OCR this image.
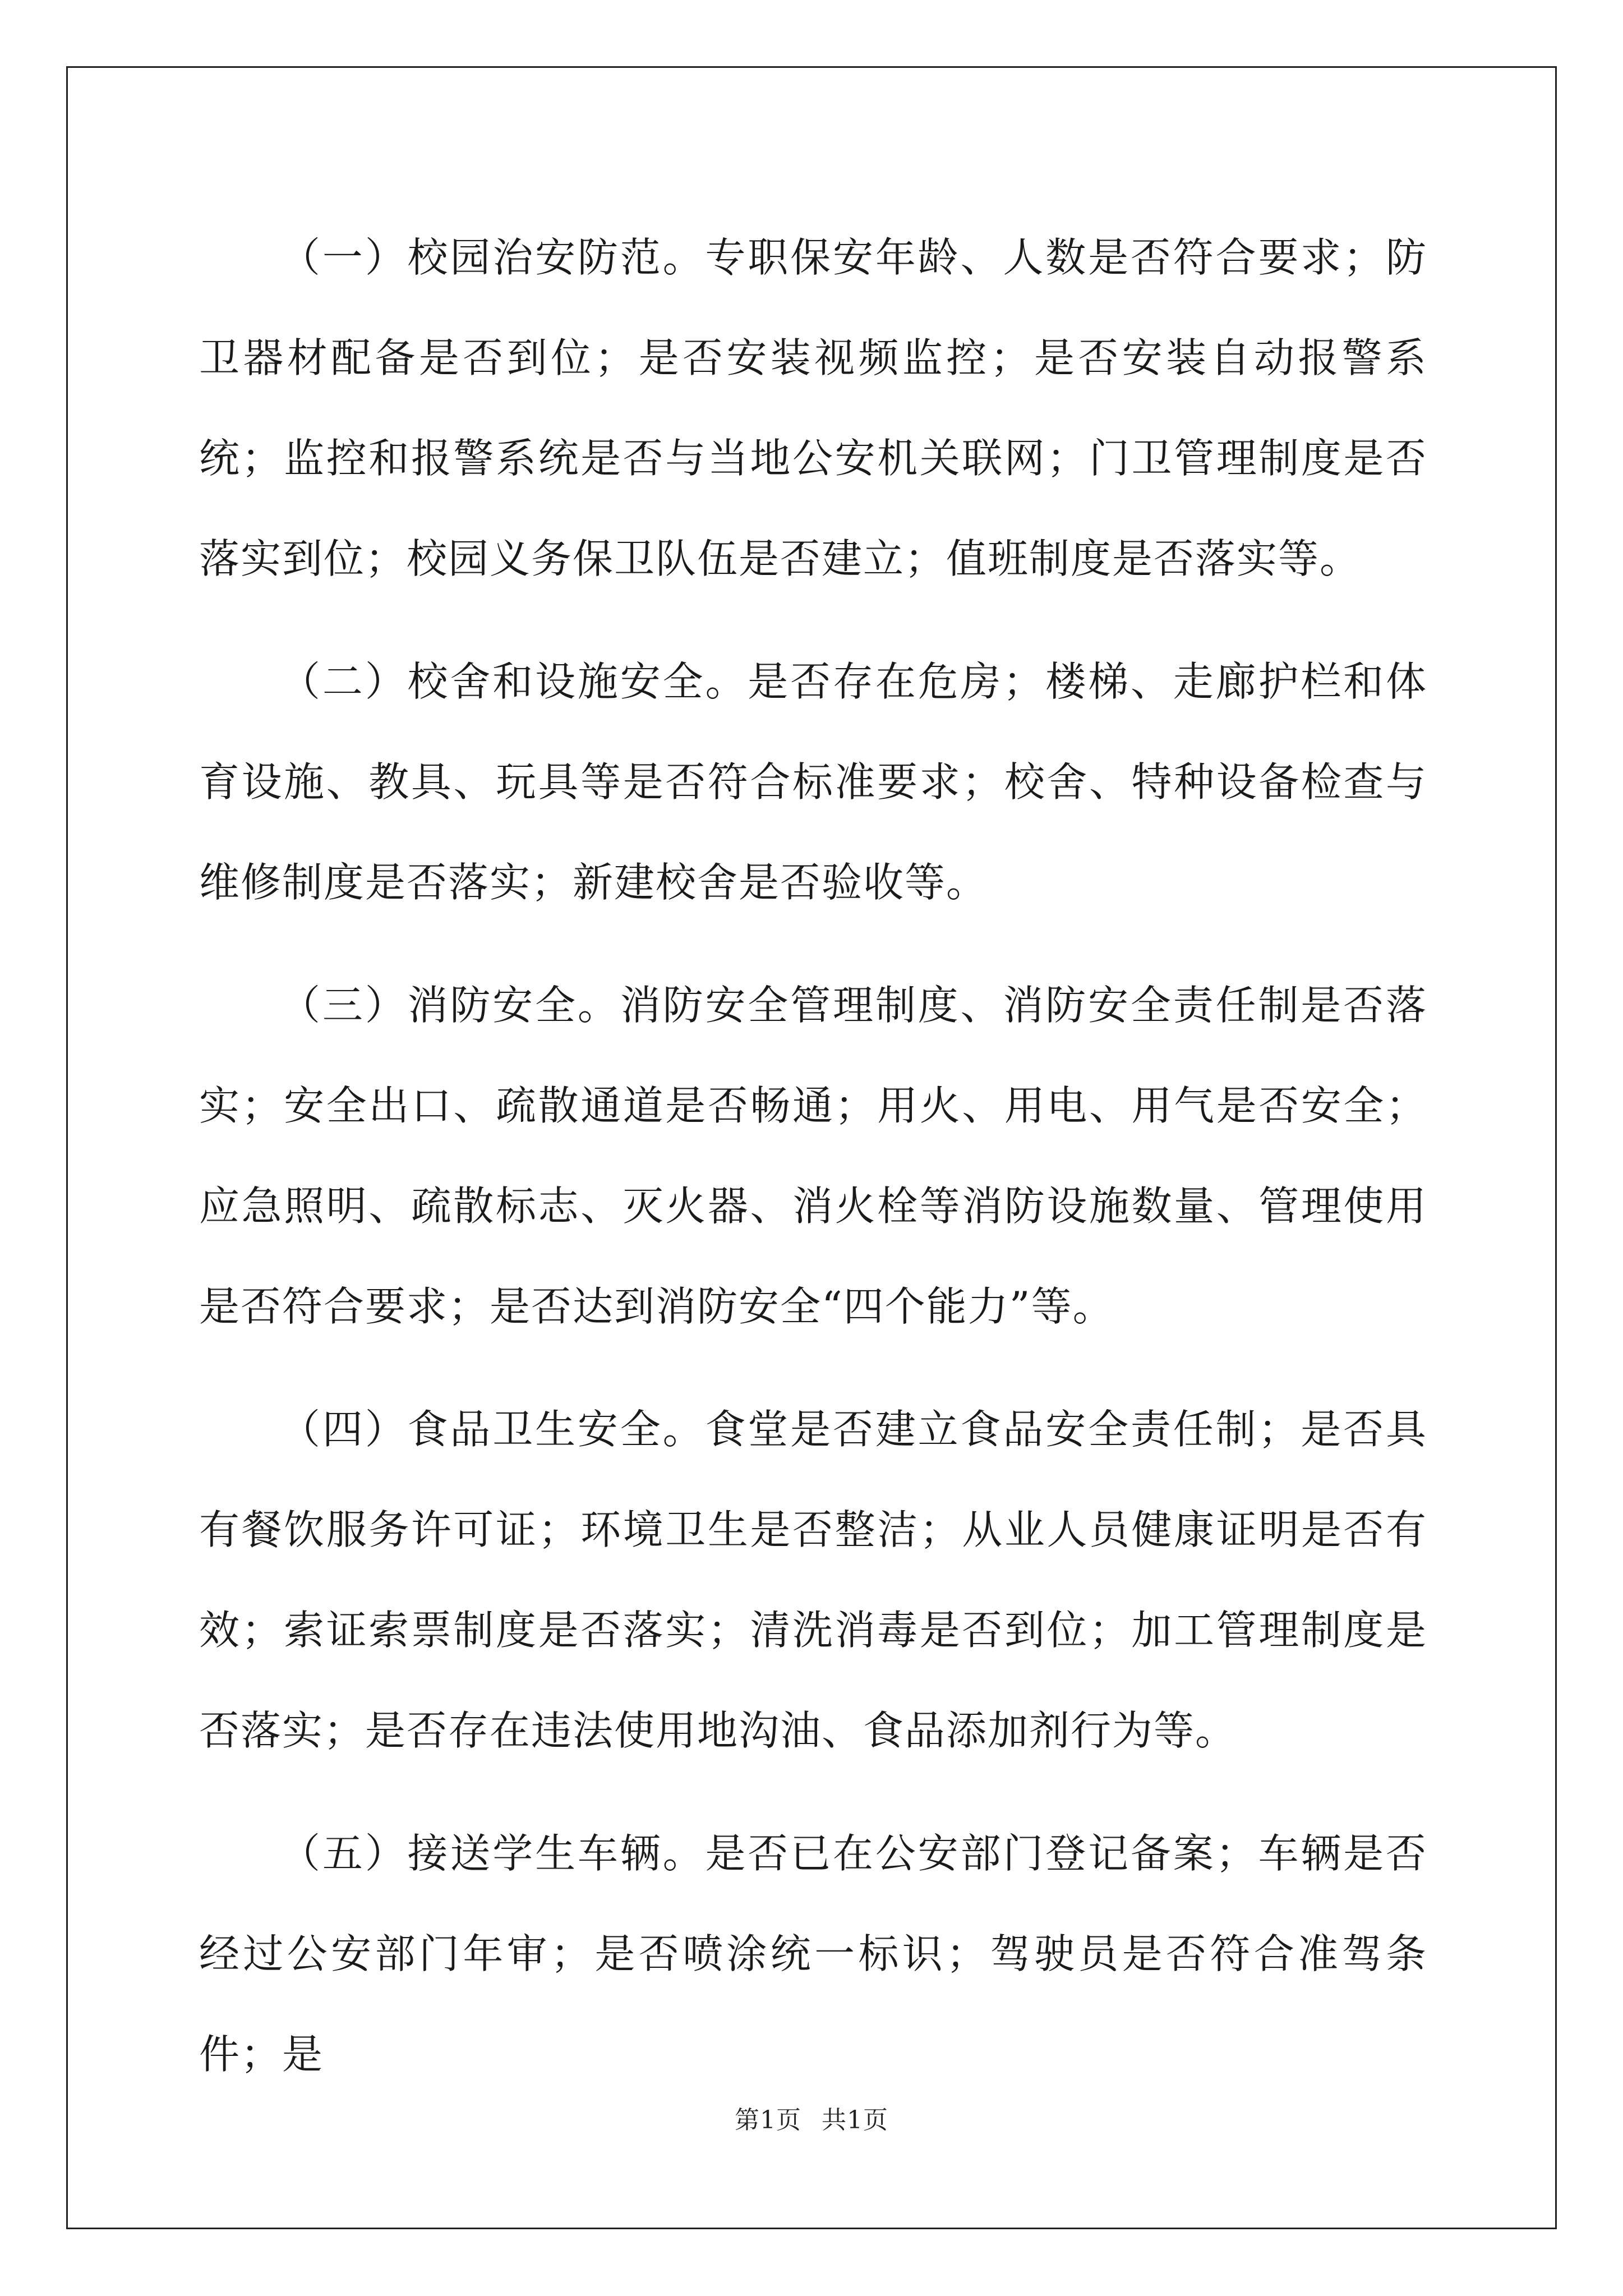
（一）校园治安防范。专职保安年龄、人数是否符合要求；防卫器材配备是否到位；是否安装视频监控；是否安装自动报警系统；监控和报警系统是否与当地公安机关联网；门卫管理制度是否落实到位；校园义务保卫队伍是否建立；值班制度是否落实等。

（二）校舍和设施安全。是否存在危房；楼梯、走廊护栏和体育设施、教具、玩具等是否符合标准要求；校舍、特种设备检查与维修制度是否落实；新建校舍是否验收等。

（三）消防安全。消防安全管理制度、消防安全责任制是否落实；安全出口、疏散通道是否畅通；用火、用电、用气是否安全；应急照明、疏散标志、灭火器、消火栓等消防设施数量、管理使用是否符合要求；是否达到消防安全“四个能力”等。

（四）食品卫生安全。食堂是否建立食品安全责任制；是否具有餐饮服务许可证；环境卫生是否整洁；从业人员健康证明是否有效；索证索票制度是否落实；清洗消毒是否到位；加工管理制度是否落实；是否存在违法使用地沟油、食品添加剂行为等。

（五）接送学生车辆。是否已在公安部门登记备案；车辆是否经过公安部门年审；是否喷涂统一标识；驾驶员是否符合准驾条件；是

第1页 共1页
